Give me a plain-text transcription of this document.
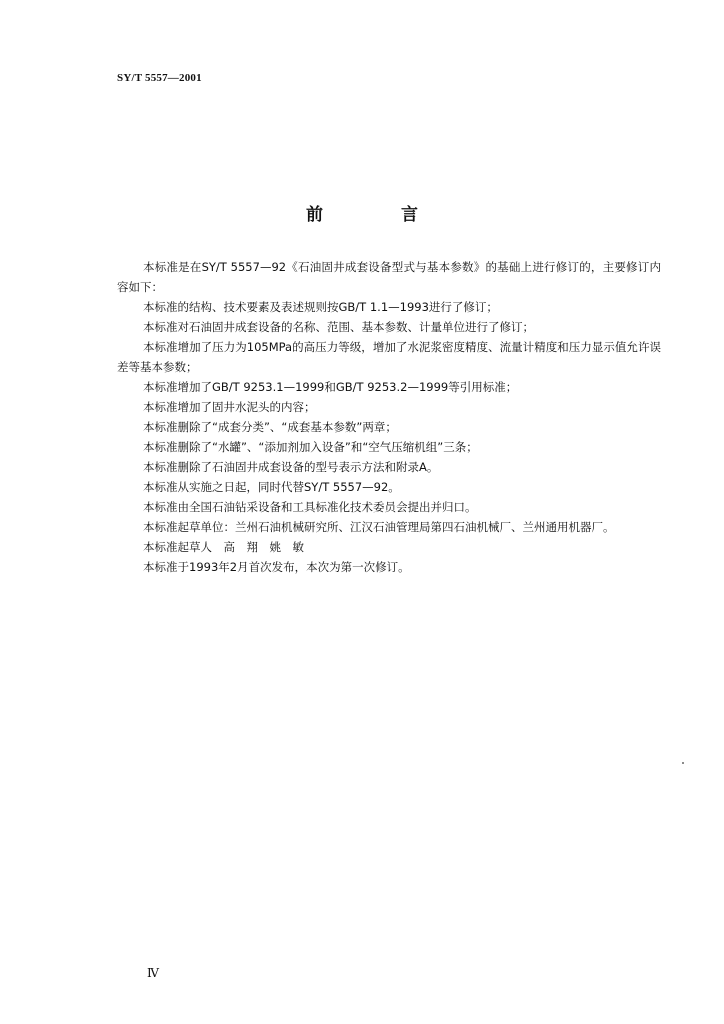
SY/T 5557—2001
前 言

本标准是在SY/T 5557—92《石油固井成套设备型式与基本参数》的基础上进行修订的，主要修订内容如下：

本标准的结构、技术要素及表述规则按GB/T 1.1—1993进行了修订；

本标准对石油固井成套设备的名称、范围、基本参数、计量单位进行了修订；

本标准增加了压力为105MPa的高压力等级，增加了水泥浆密度精度、流量计精度和压力显示值允许误差等基本参数；

本标准增加了GB/T 9253.1—1999和GB/T 9253.2—1999等引用标准；

本标准增加了固井水泥头的内容；

本标准删除了“成套分类”、“成套基本参数”两章；

本标准删除了“水罐”、“添加剂加入设备”和“空气压缩机组”三条；

本标准删除了石油固井成套设备的型号表示方法和附录A。

本标准从实施之日起，同时代替SY/T 5557—92。

本标准由全国石油钻采设备和工具标准化技术委员会提出并归口。

本标准起草单位：兰州石油机械研究所、江汉石油管理局第四石油机械厂、兰州通用机器厂。

本标准起草人　高　翔　姚　敏

本标准于1993年2月首次发布，本次为第一次修订。

Ⅳ
